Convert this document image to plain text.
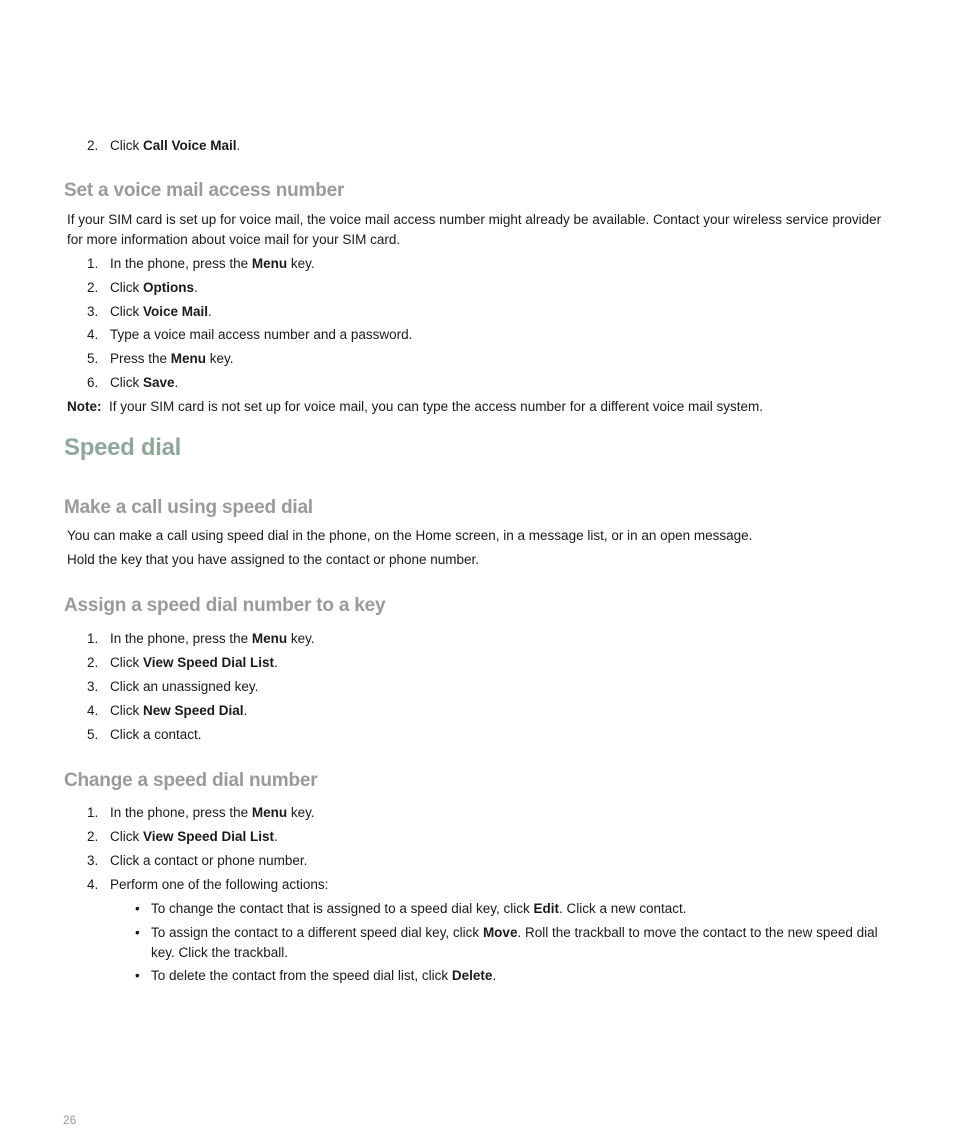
2. Click Call Voice Mail.
Set a voice mail access number
If your SIM card is set up for voice mail, the voice mail access number might already be available. Contact your wireless service provider for more information about voice mail for your SIM card.
1. In the phone, press the Menu key.
2. Click Options.
3. Click Voice Mail.
4. Type a voice mail access number and a password.
5. Press the Menu key.
6. Click Save.
Note: If your SIM card is not set up for voice mail, you can type the access number for a different voice mail system.
Speed dial
Make a call using speed dial
You can make a call using speed dial in the phone, on the Home screen, in a message list, or in an open message.
Hold the key that you have assigned to the contact or phone number.
Assign a speed dial number to a key
1. In the phone, press the Menu key.
2. Click View Speed Dial List.
3. Click an unassigned key.
4. Click New Speed Dial.
5. Click a contact.
Change a speed dial number
1. In the phone, press the Menu key.
2. Click View Speed Dial List.
3. Click a contact or phone number.
4. Perform one of the following actions:
• To change the contact that is assigned to a speed dial key, click Edit. Click a new contact.
• To assign the contact to a different speed dial key, click Move. Roll the trackball to move the contact to the new speed dial key. Click the trackball.
• To delete the contact from the speed dial list, click Delete.
26
